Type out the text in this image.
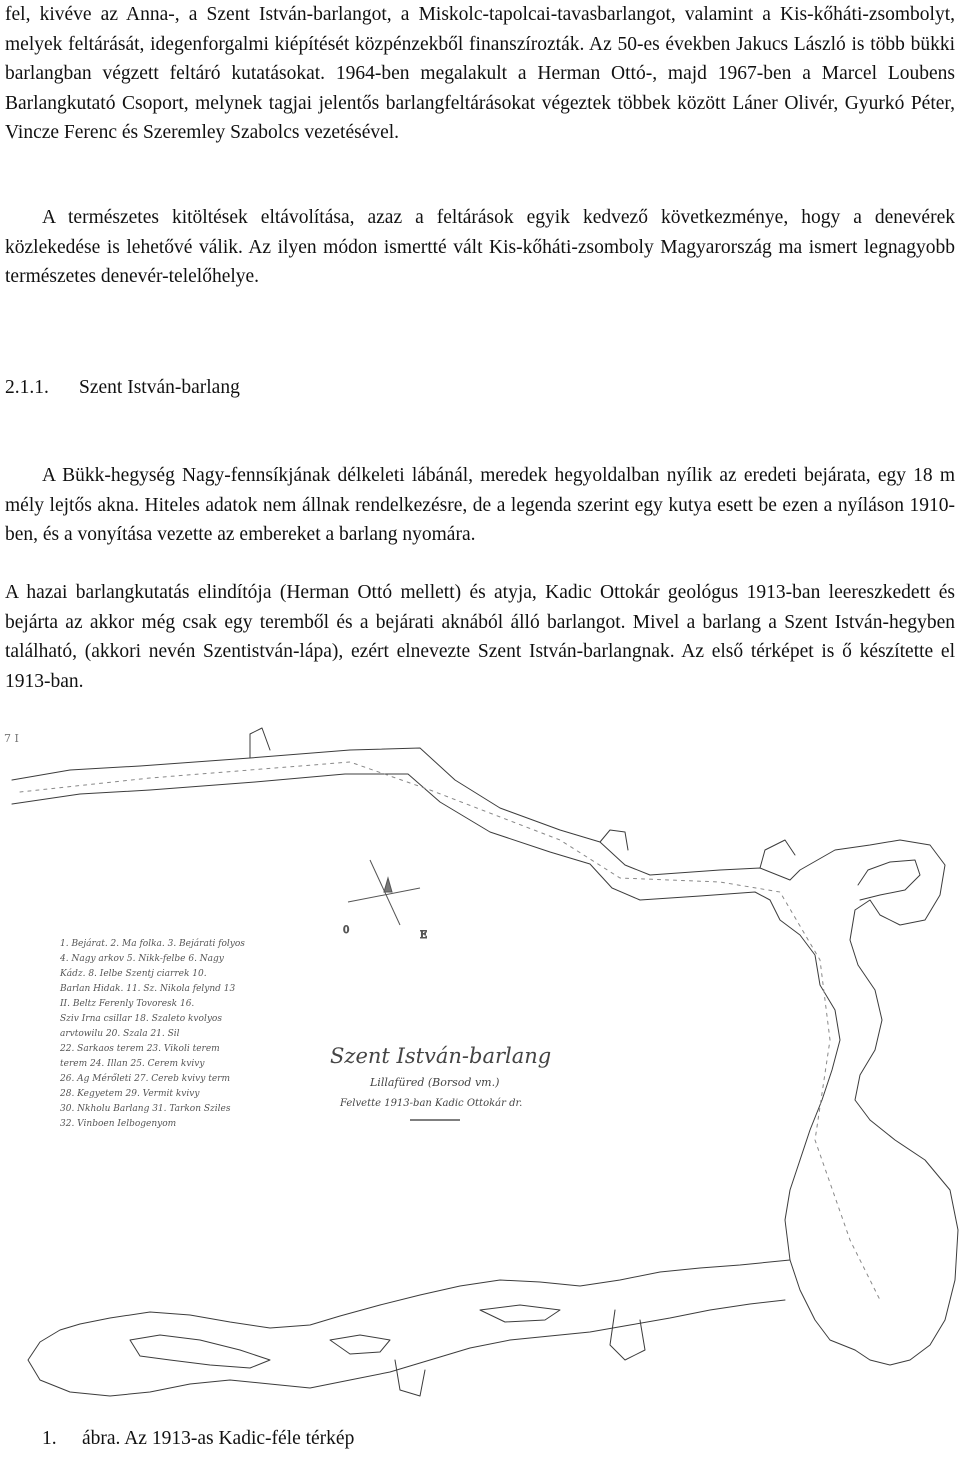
fel, kivéve az Anna-, a Szent István-barlangot, a Miskolc-tapolcai-tavasbarlangot, valamint a Kis-kőháti-zsombolyt, melyek feltárását, idegenforgalmi kiépítését közpénzekből finanszírozták. Az 50-es években Jakucs László is több bükki barlangban végzett feltáró kutatásokat. 1964-ben megalakult a Herman Ottó-, majd 1967-ben a Marcel Loubens Barlangkutató Csoport, melynek tagjai jelentős barlangfeltárásokat végeztek többek között Láner Olivér, Gyurkó Péter, Vincze Ferenc és Szeremley Szabolcs vezetésével.

A természetes kitöltések eltávolítása, azaz a feltárások egyik kedvező következménye, hogy a denevérek közlekedése is lehetővé válik. Az ilyen módon ismertté vált Kis-kőháti-zsomboly Magyarország ma ismert legnagyobb természetes denevér-telelőhelye.

2.1.1. Szent István-barlang

A Bükk-hegység Nagy-fennsíkjának délkeleti lábánál, meredek hegyoldalban nyílik az eredeti bejárata, egy 18 m mély lejtős akna. Hiteles adatok nem állnak rendelkezésre, de a legenda szerint egy kutya esett be ezen a nyíláson 1910-ben, és a vonyítása vezette az embereket a barlang nyomára.

A hazai barlangkutatás elindítója (Herman Ottó mellett) és atyja, Kadic Ottokár geológus 1913-ban leereszkedett és bejárta az akkor még csak egy teremből és a bejárati aknából álló barlangot. Mivel a barlang a Szent István-hegyben található, (akkori nevén Szentistván-lápa), ezért elnevezte Szent István-barlangnak. Az első térképet is ő készítette el 1913-ban.

0	E
7 I
1. Bejárat. 2. Ma folka. 3. Bejárati folyos
4. Nagy arkov 5. Nikk-felbe 6. Nagy
Kádz. 8. Ielbe Szentj ciarrek 10.
Barlan Hidak. 11. Sz. Nikola felynd 13
II. Beltz Ferenly Tovoresk 16.
Sziv Irna csillar 18. Szaleto kvolyos
arvtowilu 20. Szala 21. Sil
22. Sarkaos terem 23. Vikoli terem
terem 24. Illan 25. Cerem kvivy
26. Ag Mérőleti 27. Cereb kvivy term
28. Kegyetem 29. Vermit kvivy
30. Nkholu Barlang 31. Tarkon Sziles
32. Vinboen Ielbogenyom
Szent István-barlang
Lillafüred (Borsod vm.)
Felvette 1913-ban Kadic Ottokár dr.
1. ábra. Az 1913-as Kadic-féle térkép
